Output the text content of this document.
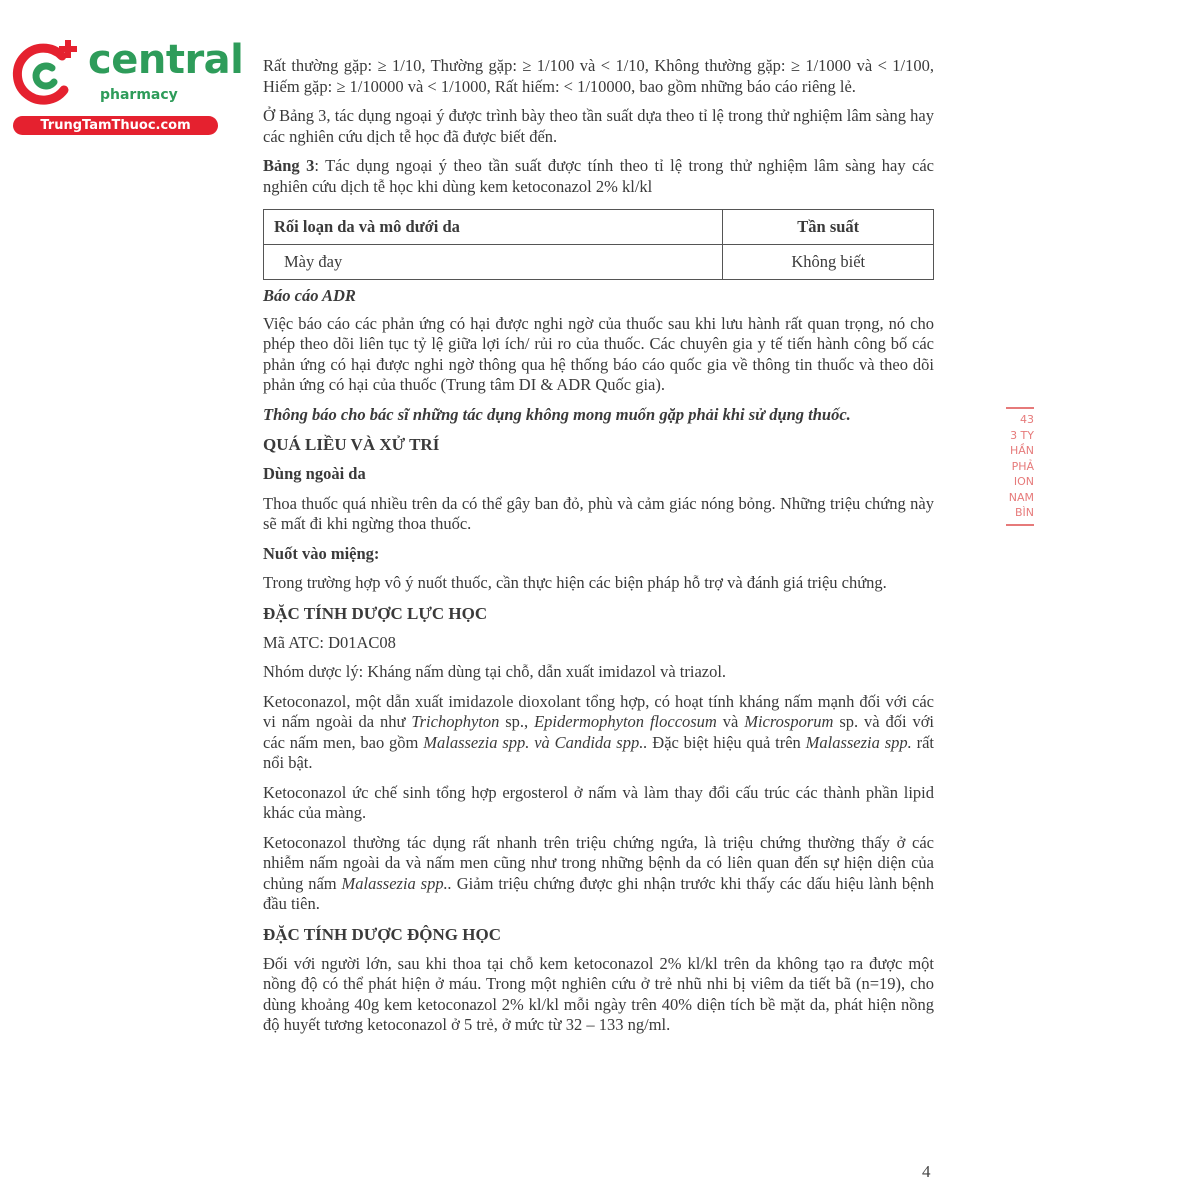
central
pharmacy
TrungTamThuoc.com

Rất thường gặp: ≥ 1/10, Thường gặp: ≥ 1/100 và < 1/10, Không thường gặp: ≥ 1/1000 và < 1/100, Hiếm gặp: ≥ 1/10000 và < 1/1000, Rất hiếm: < 1/10000, bao gồm những báo cáo riêng lẻ.

Ở Bảng 3, tác dụng ngoại ý được trình bày theo tần suất dựa theo tỉ lệ trong thử nghiệm lâm sàng hay các nghiên cứu dịch tễ học đã được biết đến.

Bảng 3: Tác dụng ngoại ý theo tần suất được tính theo tỉ lệ trong thử nghiệm lâm sàng hay các nghiên cứu dịch tễ học khi dùng kem ketoconazol 2% kl/kl

Rối loạn da và mô dưới da	Tần suất
Mày đay	Không biết

Báo cáo ADR

Việc báo cáo các phản ứng có hại được nghi ngờ của thuốc sau khi lưu hành rất quan trọng, nó cho phép theo dõi liên tục tỷ lệ giữa lợi ích/ rủi ro của thuốc. Các chuyên gia y tế tiến hành công bố các phản ứng có hại được nghi ngờ thông qua hệ thống báo cáo quốc gia về thông tin thuốc và theo dõi phản ứng có hại của thuốc (Trung tâm DI & ADR Quốc gia).

Thông báo cho bác sĩ những tác dụng không mong muốn gặp phải khi sử dụng thuốc.

QUÁ LIỀU VÀ XỬ TRÍ

Dùng ngoài da

Thoa thuốc quá nhiều trên da có thể gây ban đỏ, phù và cảm giác nóng bỏng. Những triệu chứng này sẽ mất đi khi ngừng thoa thuốc.

Nuốt vào miệng:

Trong trường hợp vô ý nuốt thuốc, cần thực hiện các biện pháp hỗ trợ và đánh giá triệu chứng.

ĐẶC TÍNH DƯỢC LỰC HỌC

Mã ATC: D01AC08

Nhóm dược lý: Kháng nấm dùng tại chỗ, dẫn xuất imidazol và triazol.

Ketoconazol, một dẫn xuất imidazole dioxolant tổng hợp, có hoạt tính kháng nấm mạnh đối với các vi nấm ngoài da như Trichophyton sp., Epidermophyton floccosum và Microsporum sp. và đối với các nấm men, bao gồm Malassezia spp. và Candida spp.. Đặc biệt hiệu quả trên Malassezia spp. rất nổi bật.

Ketoconazol ức chế sinh tổng hợp ergosterol ở nấm và làm thay đổi cấu trúc các thành phần lipid khác của màng.

Ketoconazol thường tác dụng rất nhanh trên triệu chứng ngứa, là triệu chứng thường thấy ở các nhiễm nấm ngoài da và nấm men cũng như trong những bệnh da có liên quan đến sự hiện diện của chủng nấm Malassezia spp.. Giảm triệu chứng được ghi nhận trước khi thấy các dấu hiệu lành bệnh đầu tiên.

ĐẶC TÍNH DƯỢC ĐỘNG HỌC

Đối với người lớn, sau khi thoa tại chỗ kem ketoconazol 2% kl/kl trên da không tạo ra được một nồng độ có thể phát hiện ở máu. Trong một nghiên cứu ở trẻ nhũ nhi bị viêm da tiết bã (n=19), cho dùng khoảng 40g kem ketoconazol 2% kl/kl mỗi ngày trên 40% diện tích bề mặt da, phát hiện nồng độ huyết tương ketoconazol ở 5 trẻ, ở mức từ 32 – 133 ng/ml.

43
3 TY
HẦN
PHẢ
ION
NAM
BÌN
4
